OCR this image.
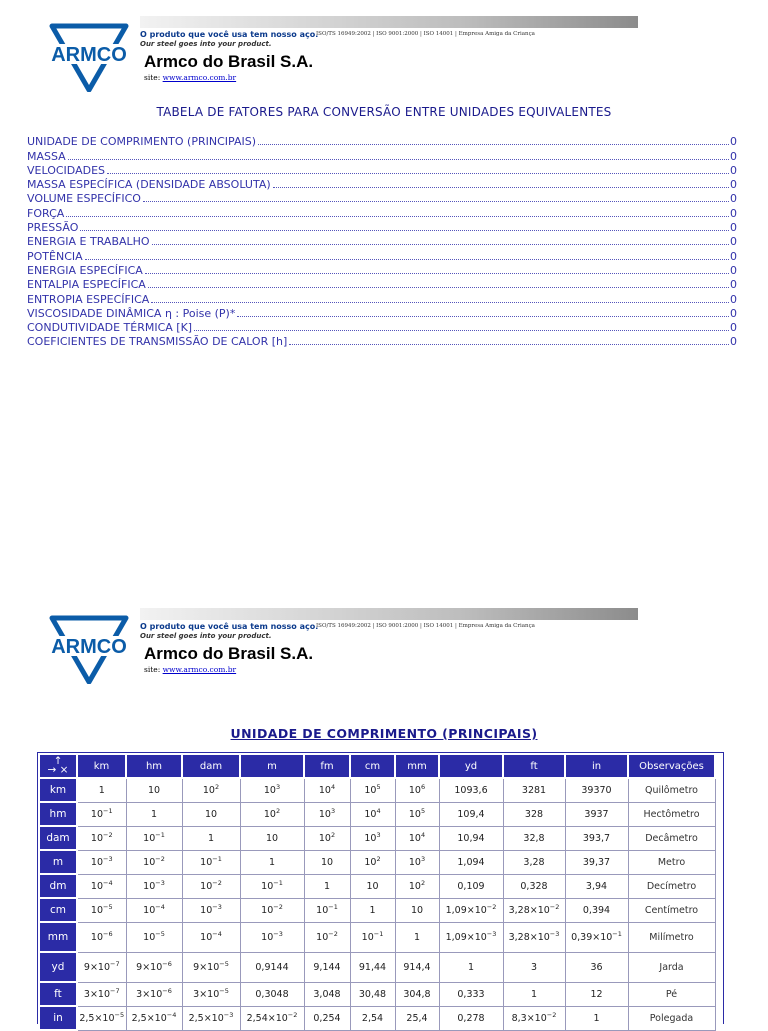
ARMCO
O produto que você usa tem nosso aço.
Our steel goes into your product.
ISO/TS 16949:2002 | ISO 9001:2000 | ISO 14001 | Empresa Amiga da Criança
Armco do Brasil S.A.
site: www.armco.com.br
TABELA DE FATORES PARA CONVERSÃO ENTRE UNIDADES EQUIVALENTES
UNIDADE DE COMPRIMENTO (PRINCIPAIS)	0
MASSA	0
VELOCIDADES	0
MASSA ESPECÍFICA (DENSIDADE ABSOLUTA)	0
VOLUME ESPECÍFICO	0
FORÇA	0
PRESSÃO	0
ENERGIA E TRABALHO	0
POTÊNCIA	0
ENERGIA ESPECÍFICA	0
ENTALPIA ESPECÍFICA	0
ENTROPIA ESPECÍFICA	0
VISCOSIDADE DINÂMICA η : Poise (P)*	0
CONDUTIVIDADE TÉRMICA [K]	0
COEFICIENTES DE TRANSMISSÃO DE CALOR [h]	0
ARMCO
O produto que você usa tem nosso aço.
Our steel goes into your product.
ISO/TS 16949:2002 | ISO 9001:2000 | ISO 14001 | Empresa Amiga da Criança
Armco do Brasil S.A.
site: www.armco.com.br
UNIDADE DE COMPRIMENTO (PRINCIPAIS)
↑
→ ×	km	hm	dam	m	fm	cm	mm	yd	ft	in	Observações
km	1	10	$10^2$	$10^3$	$10^4$	$10^5$	$10^6$	1093,6	3281	39370	Quilômetro
hm	$10^{-1}$	1	10	$10^2$	$10^3$	$10^4$	$10^5$	109,4	328	3937	Hectômetro
dam	$10^{-2}$	$10^{-1}$	1	10	$10^2$	$10^3$	$10^4$	10,94	32,8	393,7	Decâmetro
m	$10^{-3}$	$10^{-2}$	$10^{-1}$	1	10	$10^2$	$10^3$	1,094	3,28	39,37	Metro
dm	$10^{-4}$	$10^{-3}$	$10^{-2}$	$10^{-1}$	1	10	$10^2$	0,109	0,328	3,94	Decímetro
cm	$10^{-5}$	$10^{-4}$	$10^{-3}$	$10^{-2}$	$10^{-1}$	1	10	$1,09\times 10^{-2}$	$3,28\times 10^{-2}$	0,394	Centímetro
mm	$10^{-6}$	$10^{-5}$	$10^{-4}$	$10^{-3}$	$10^{-2}$	$10^{-1}$	1	$1,09\times 10^{-3}$	$3,28\times 10^{-3}$	$0,39\times 10^{-1}$	Milímetro
yd	$9\times 10^{-7}$	$9\times 10^{-6}$	$9\times 10^{-5}$	0,9144	9,144	91,44	914,4	1	3	36	Jarda
ft	$3\times 10^{-7}$	$3\times 10^{-6}$	$3\times 10^{-5}$	0,3048	3,048	30,48	304,8	0,333	1	12	Pé
in	$2,5\times 10^{-5}$	$2,5\times 10^{-4}$	$2,5\times 10^{-3}$	$2,54\times 10^{-2}$	0,254	2,54	25,4	0,278	$8,3\times 10^{-2}$	1	Polegada
